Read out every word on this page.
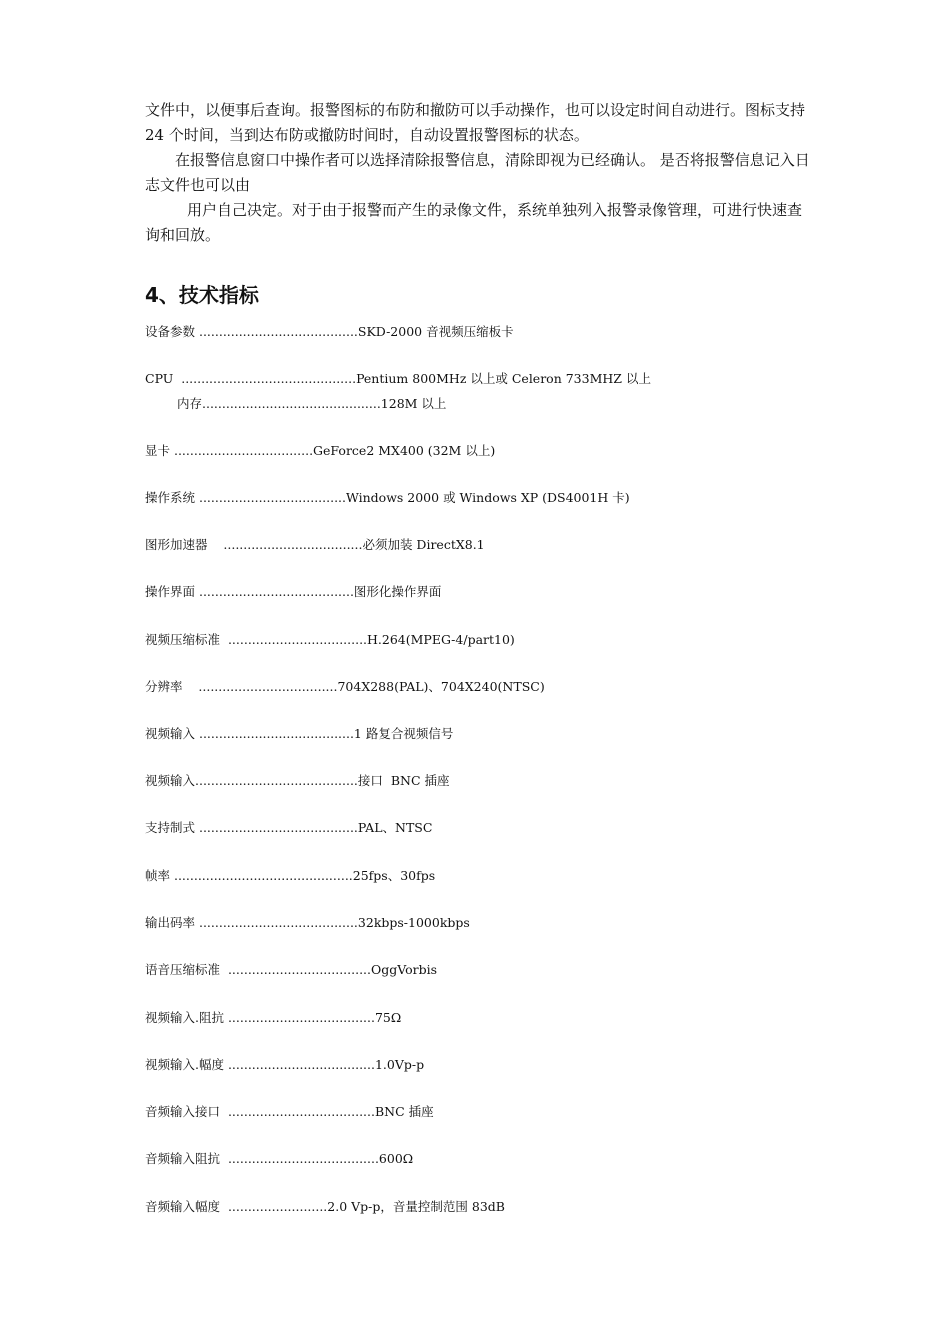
文件中，以便事后查询。报警图标的布防和撤防可以手动操作，也可以设定时间自动进行。图标支持 24 个时间，当到达布防或撤防时间时，自动设置报警图标的状态。

在报警信息窗口中操作者可以选择清除报警信息，清除即视为已经确认。 是否将报警信息记入日志文件也可以由

用户自己决定。对于由于报警而产生的录像文件，系统单独列入报警录像管理，可进行快速查询和回放。

4、技术指标

设备参数 ........................................SKD-2000 音视频压缩板卡

CPU  ............................................Pentium 800MHz 以上或 Celeron 733MHZ 以上

内存.............................................128M 以上

显卡 ...................................GeForce2 MX400 (32M 以上)

操作系统 .....................................Windows 2000 或 Windows XP (DS4001H 卡)

图形加速器    ...................................必须加装 DirectX8.1

操作界面 .......................................图形化操作界面

视频压缩标准  ...................................H.264(MPEG-4/part10)

分辨率    ...................................704X288(PAL)、704X240(NTSC)

视频输入 .......................................1 路复合视频信号

视频输入.........................................接口  BNC 插座

支持制式 ........................................PAL、NTSC

帧率 .............................................25fps、30fps

输出码率 ........................................32kbps-1000kbps

语音压缩标准  ....................................OggVorbis

视频输入.阻抗 .....................................75Ω

视频输入.幅度 .....................................1.0Vp-p

音频输入接口  .....................................BNC 插座

音频输入阻抗  ......................................600Ω

音频输入幅度  .........................2.0 Vp-p，音量控制范围 83dB
